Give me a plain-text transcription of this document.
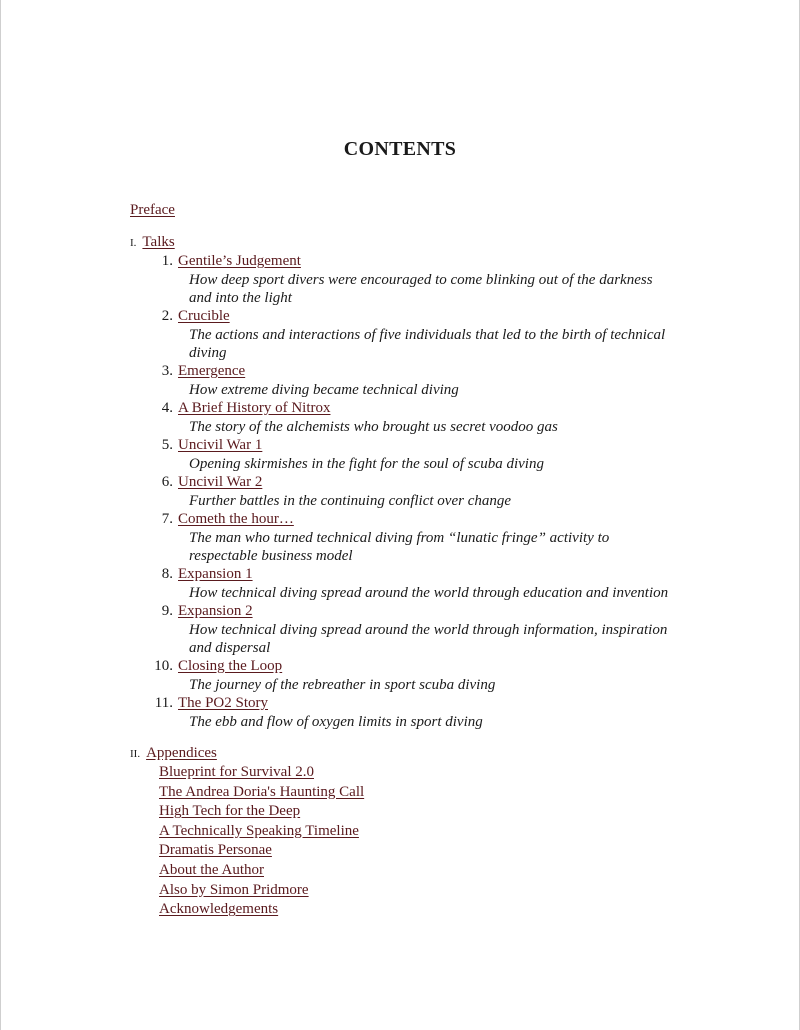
CONTENTS
Preface
I. Talks
1. Gentile’s Judgement
How deep sport divers were encouraged to come blinking out of the darkness and into the light
2. Crucible
The actions and interactions of five individuals that led to the birth of technical diving
3. Emergence
How extreme diving became technical diving
4. A Brief History of Nitrox
The story of the alchemists who brought us secret voodoo gas
5. Uncivil War 1
Opening skirmishes in the fight for the soul of scuba diving
6. Uncivil War 2
Further battles in the continuing conflict over change
7. Cometh the hour…
The man who turned technical diving from “lunatic fringe” activity to respectable business model
8. Expansion 1
How technical diving spread around the world through education and invention
9. Expansion 2
How technical diving spread around the world through information, inspiration and dispersal
10. Closing the Loop
The journey of the rebreather in sport scuba diving
11. The PO2 Story
The ebb and flow of oxygen limits in sport diving
II. Appendices
Blueprint for Survival 2.0
The Andrea Doria's Haunting Call
High Tech for the Deep
A Technically Speaking Timeline
Dramatis Personae
About the Author
Also by Simon Pridmore
Acknowledgements
